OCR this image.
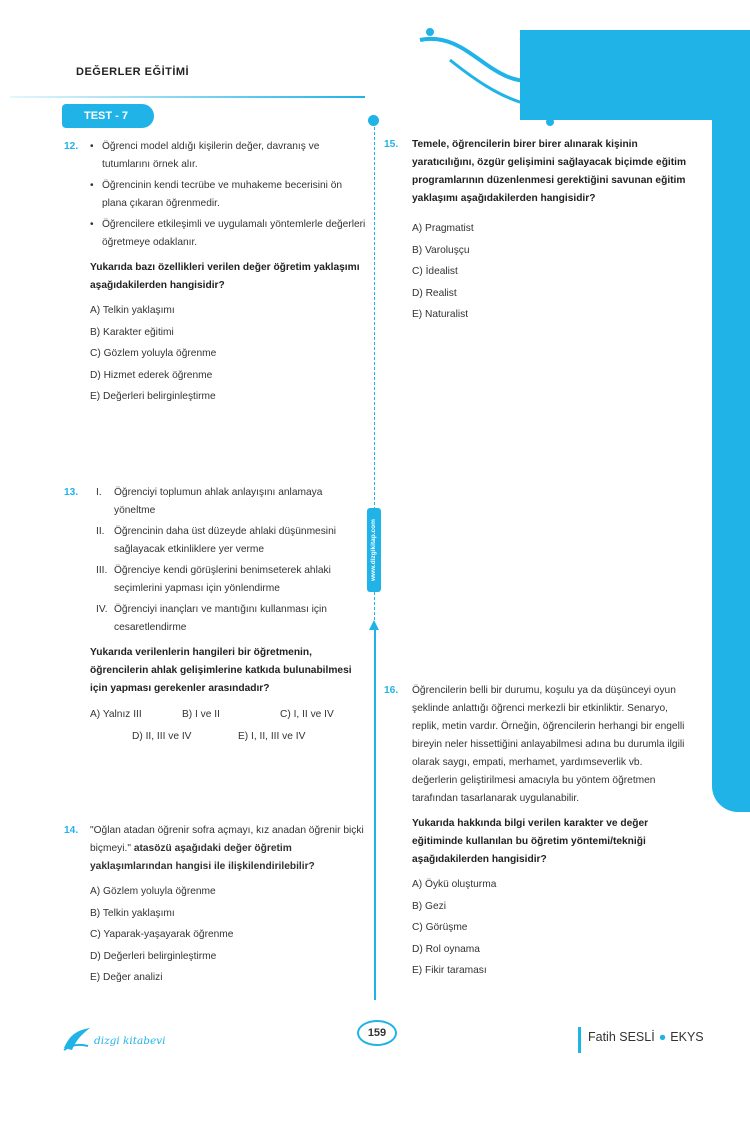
DEĞERLER EĞİTİMİ
TEST - 7
www.dizgikitap.com
12.
•	Öğrenci model aldığı kişilerin değer, davranış ve tutumlarını örnek alır.
• Öğrencinin kendi tecrübe ve muhakeme becerisini ön plana çıkaran öğrenmedir.
• Öğrencilere etkileşimli ve uygulamalı yöntemlerle değerleri öğretmeye odaklanır.
Yukarıda bazı özellikleri verilen değer öğretim yaklaşımı aşağıdakilerden hangisidir?
A) Telkin yaklaşımı
B) Karakter eğitimi
C) Gözlem yoluyla öğrenme
D) Hizmet ederek öğrenme
E) Değerleri belirginleştirme
13. I. Öğrenciyi toplumun ahlak anlayışını anlamaya yöneltme
II. Öğrencinin daha üst düzeyde ahlaki düşünmesini sağlayacak etkinliklere yer verme
III. Öğrenciye kendi görüşlerini benimseterek ahlaki seçimlerini yapması için yönlendirme
IV. Öğrenciyi inançları ve mantığını kullanması için cesaretlendirme
Yukarıda verilenlerin hangileri bir öğretmenin, öğrencilerin ahlak gelişimlerine katkıda bulunabilmesi için yapması gerekenler arasındadır?
A) Yalnız III	B) I ve II	C) I, II ve IV
D) II, III ve IV	E) I, II, III ve IV
14. "Oğlan atadan öğrenir sofra açmayı, kız anadan öğrenir biçki biçmeyi." atasözü aşağıdaki değer öğretim yaklaşımlarından hangisi ile ilişkilendirilebilir?
A) Gözlem yoluyla öğrenme
B) Telkin yaklaşımı
C) Yaparak-yaşayarak öğrenme
D) Değerleri belirginleştirme
E) Değer analizi
15. Temele, öğrencilerin birer birer alınarak kişinin yaratıcılığını, özgür gelişimini sağlayacak biçimde eğitim programlarının düzenlenmesi gerektiğini savunan eğitim yaklaşımı aşağıdakilerden hangisidir?
A) Pragmatist
B) Varoluşçu
C) İdealist
D) Realist
E) Naturalist
16. Öğrencilerin belli bir durumu, koşulu ya da düşünceyi oyun şeklinde anlattığı öğrenci merkezli bir etkinliktir. Senaryo, replik, metin vardır. Örneğin, öğrencilerin herhangi bir engelli bireyin neler hissettiğini anlayabilmesi adına bu durumla ilgili olarak saygı, empati, merhamet, yardımseverlik vb. değerlerin geliştirilmesi amacıyla bu yöntem öğretmen tarafından tasarlanarak uygulanabilir.
Yukarıda hakkında bilgi verilen karakter ve değer eğitiminde kullanılan bu öğretim yöntemi/tekniği aşağıdakilerden hangisidir?
A) Öykü oluşturma
B) Gezi
C) Görüşme
D) Rol oynama
E) Fikir taraması
dizgi kitabevi
159	Fatih SESLİ ● EKYS
